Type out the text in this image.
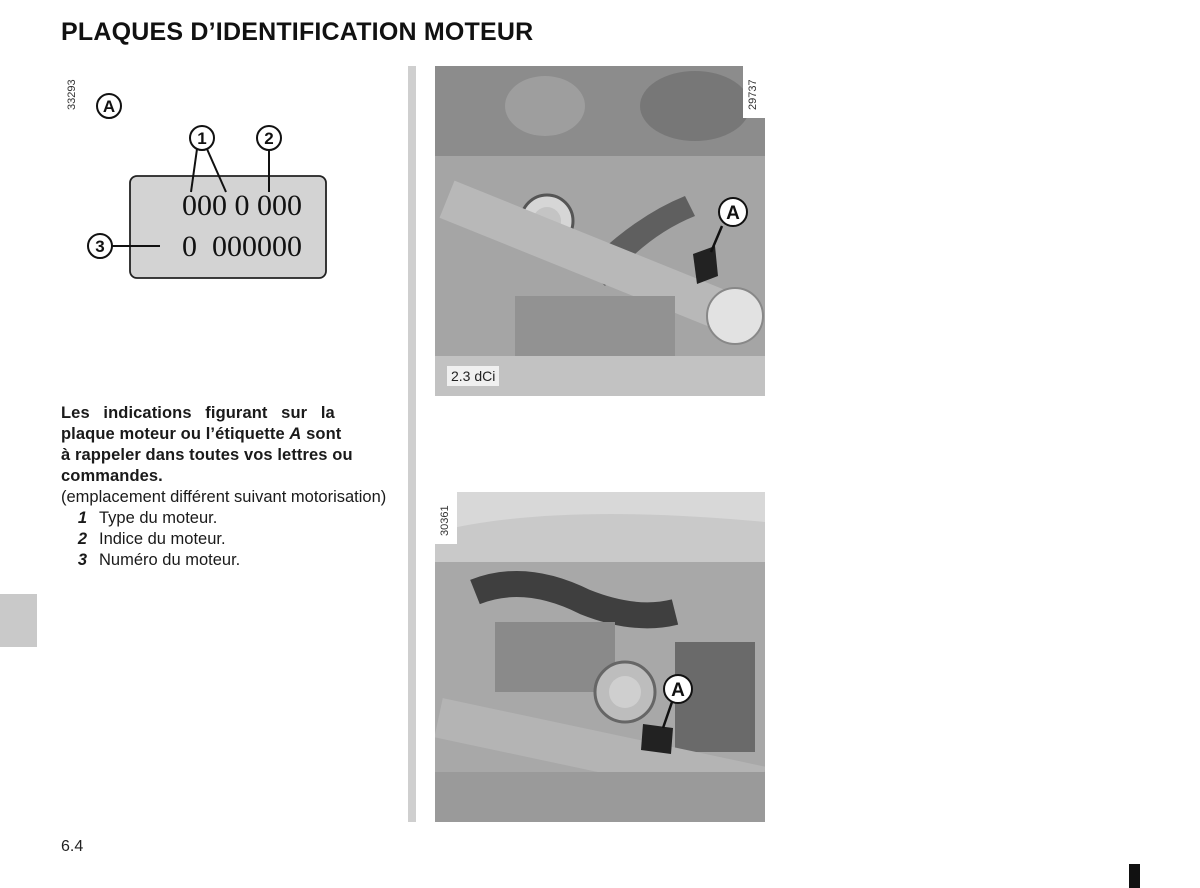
PLAQUES D’IDENTIFICATION MOTEUR
33293 A
000 0 000
0  000000
1	2
3

Les indications figurant sur la

plaque moteur ou l’étiquette A sont

à rappeler dans toutes vos lettres ou commandes.

(emplacement différent suivant motorisation)

1 Type du moteur.
2 Indice du moteur.
3 Numéro du moteur.
29737
A
2.3 dCi
30361
A
6.4
